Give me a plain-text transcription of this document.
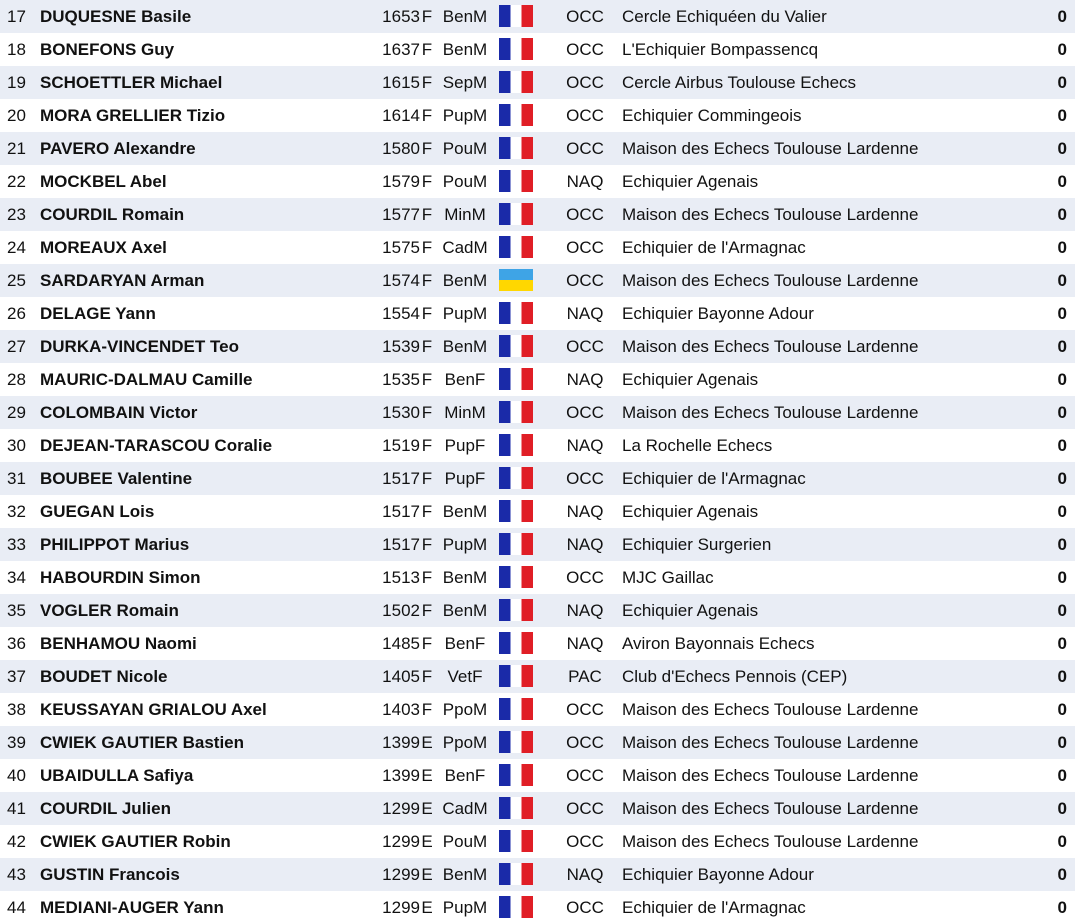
17	DUQUESNE Basile	1653	F	BenM		OCC	Cercle Echiquéen du Valier	0
18	BONEFONS Guy	1637	F	BenM		OCC	L'Echiquier Bompassencq	0
19	SCHOETTLER Michael	1615	F	SepM		OCC	Cercle Airbus Toulouse Echecs	0
20	MORA GRELLIER Tizio	1614	F	PupM		OCC	Echiquier Commingeois	0
21	PAVERO Alexandre	1580	F	PouM		OCC	Maison des Echecs Toulouse Lardenne	0
22	MOCKBEL Abel	1579	F	PouM		NAQ	Echiquier Agenais	0
23	COURDIL Romain	1577	F	MinM		OCC	Maison des Echecs Toulouse Lardenne	0
24	MOREAUX Axel	1575	F	CadM		OCC	Echiquier de l'Armagnac	0
25	SARDARYAN Arman	1574	F	BenM		OCC	Maison des Echecs Toulouse Lardenne	0
26	DELAGE Yann	1554	F	PupM		NAQ	Echiquier Bayonne Adour	0
27	DURKA-VINCENDET Teo	1539	F	BenM		OCC	Maison des Echecs Toulouse Lardenne	0
28	MAURIC-DALMAU Camille	1535	F	BenF		NAQ	Echiquier Agenais	0
29	COLOMBAIN Victor	1530	F	MinM		OCC	Maison des Echecs Toulouse Lardenne	0
30	DEJEAN-TARASCOU Coralie	1519	F	PupF		NAQ	La Rochelle Echecs	0
31	BOUBEE Valentine	1517	F	PupF		OCC	Echiquier de l'Armagnac	0
32	GUEGAN Lois	1517	F	BenM		NAQ	Echiquier Agenais	0
33	PHILIPPOT Marius	1517	F	PupM		NAQ	Echiquier Surgerien	0
34	HABOURDIN Simon	1513	F	BenM		OCC	MJC Gaillac	0
35	VOGLER Romain	1502	F	BenM		NAQ	Echiquier Agenais	0
36	BENHAMOU Naomi	1485	F	BenF		NAQ	Aviron Bayonnais Echecs	0
37	BOUDET Nicole	1405	F	VetF		PAC	Club d'Echecs Pennois (CEP)	0
38	KEUSSAYAN GRIALOU Axel	1403	F	PpoM		OCC	Maison des Echecs Toulouse Lardenne	0
39	CWIEK GAUTIER Bastien	1399	E	PpoM		OCC	Maison des Echecs Toulouse Lardenne	0
40	UBAIDULLA Safiya	1399	E	BenF		OCC	Maison des Echecs Toulouse Lardenne	0
41	COURDIL Julien	1299	E	CadM		OCC	Maison des Echecs Toulouse Lardenne	0
42	CWIEK GAUTIER Robin	1299	E	PouM		OCC	Maison des Echecs Toulouse Lardenne	0
43	GUSTIN Francois	1299	E	BenM		NAQ	Echiquier Bayonne Adour	0
44	MEDIANI-AUGER Yann	1299	E	PupM		OCC	Echiquier de l'Armagnac	0
